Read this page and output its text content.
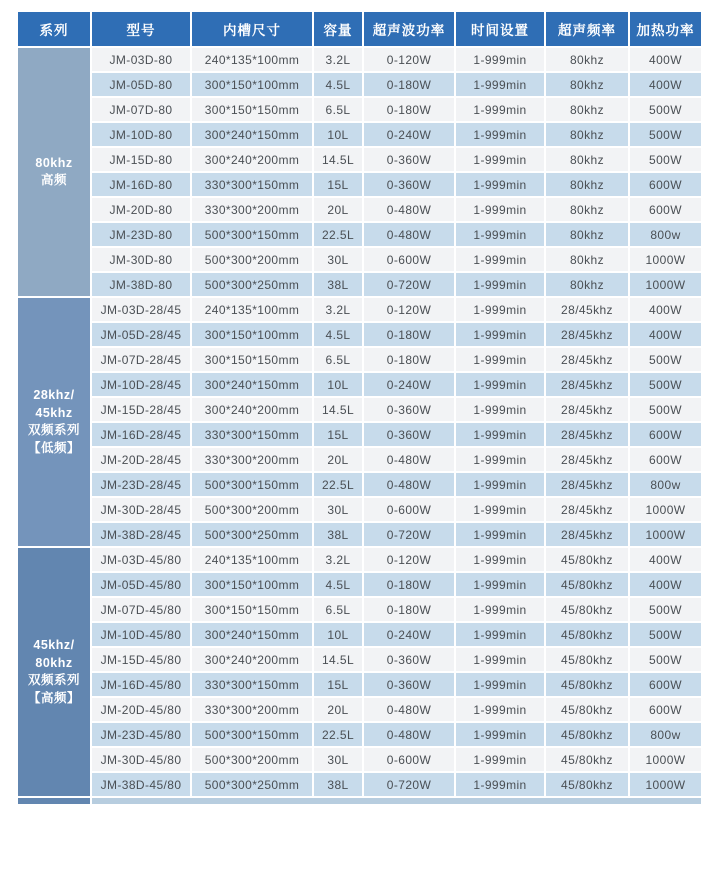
系列	型号	内槽尺寸	容量	超声波功率	时间设置	超声频率	加热功率
80khz
高频	JM-03D-80	240*135*100mm	3.2L	0-120W	1-999min	80khz	400W
	JM-05D-80	300*150*100mm	4.5L	0-180W	1-999min	80khz	400W
	JM-07D-80	300*150*150mm	6.5L	0-180W	1-999min	80khz	500W
	JM-10D-80	300*240*150mm	10L	0-240W	1-999min	80khz	500W
	JM-15D-80	300*240*200mm	14.5L	0-360W	1-999min	80khz	500W
	JM-16D-80	330*300*150mm	15L	0-360W	1-999min	80khz	600W
	JM-20D-80	330*300*200mm	20L	0-480W	1-999min	80khz	600W
	JM-23D-80	500*300*150mm	22.5L	0-480W	1-999min	80khz	800w
	JM-30D-80	500*300*200mm	30L	0-600W	1-999min	80khz	1000W
	JM-38D-80	500*300*250mm	38L	0-720W	1-999min	80khz	1000W
28khz/
45khz
双频系列
【低频】	JM-03D-28/45	240*135*100mm	3.2L	0-120W	1-999min	28/45khz	400W
	JM-05D-28/45	300*150*100mm	4.5L	0-180W	1-999min	28/45khz	400W
	JM-07D-28/45	300*150*150mm	6.5L	0-180W	1-999min	28/45khz	500W
	JM-10D-28/45	300*240*150mm	10L	0-240W	1-999min	28/45khz	500W
	JM-15D-28/45	300*240*200mm	14.5L	0-360W	1-999min	28/45khz	500W
	JM-16D-28/45	330*300*150mm	15L	0-360W	1-999min	28/45khz	600W
	JM-20D-28/45	330*300*200mm	20L	0-480W	1-999min	28/45khz	600W
	JM-23D-28/45	500*300*150mm	22.5L	0-480W	1-999min	28/45khz	800w
	JM-30D-28/45	500*300*200mm	30L	0-600W	1-999min	28/45khz	1000W
	JM-38D-28/45	500*300*250mm	38L	0-720W	1-999min	28/45khz	1000W
45khz/
80khz
双频系列
【高频】	JM-03D-45/80	240*135*100mm	3.2L	0-120W	1-999min	45/80khz	400W
	JM-05D-45/80	300*150*100mm	4.5L	0-180W	1-999min	45/80khz	400W
	JM-07D-45/80	300*150*150mm	6.5L	0-180W	1-999min	45/80khz	500W
	JM-10D-45/80	300*240*150mm	10L	0-240W	1-999min	45/80khz	500W
	JM-15D-45/80	300*240*200mm	14.5L	0-360W	1-999min	45/80khz	500W
	JM-16D-45/80	330*300*150mm	15L	0-360W	1-999min	45/80khz	600W
	JM-20D-45/80	330*300*200mm	20L	0-480W	1-999min	45/80khz	600W
	JM-23D-45/80	500*300*150mm	22.5L	0-480W	1-999min	45/80khz	800w
	JM-30D-45/80	500*300*200mm	30L	0-600W	1-999min	45/80khz	1000W
	JM-38D-45/80	500*300*250mm	38L	0-720W	1-999min	45/80khz	1000W
